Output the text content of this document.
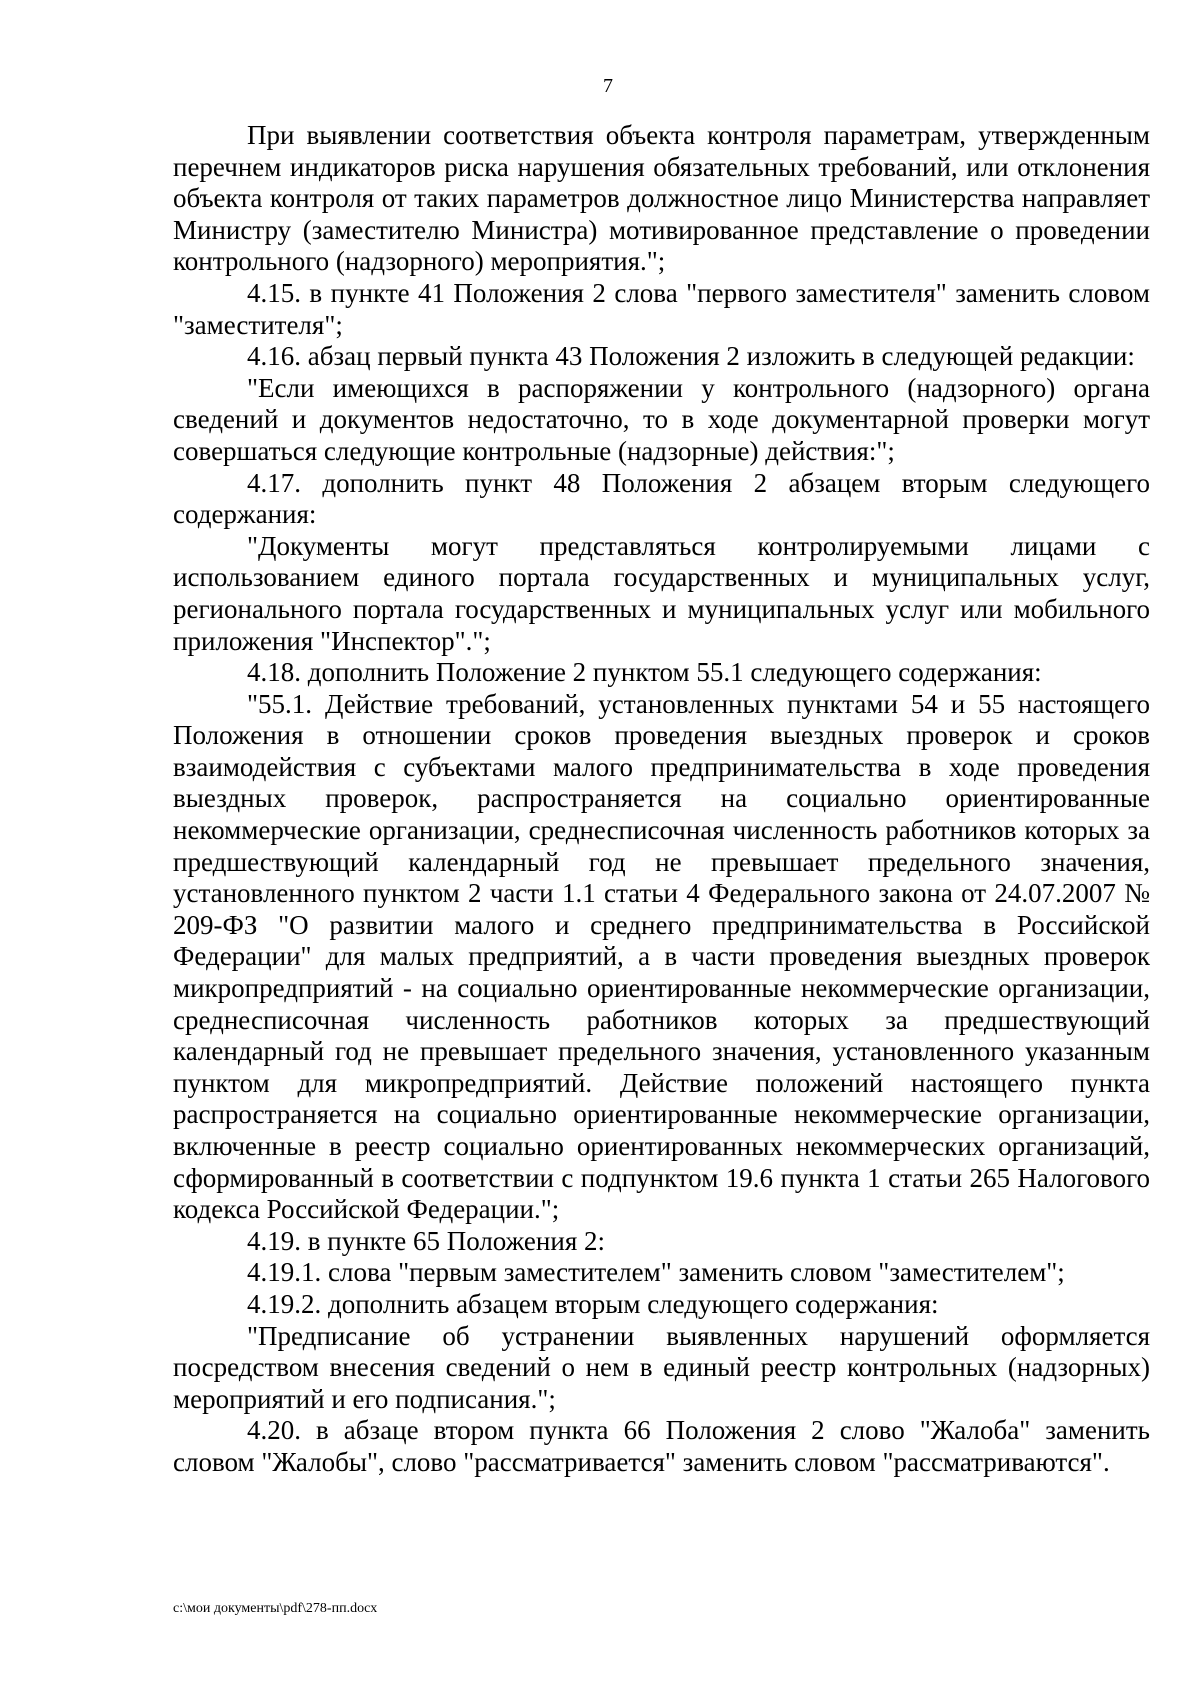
7

При выявлении соответствия объекта контроля параметрам, утвержденным перечнем индикаторов риска нарушения обязательных требований, или отклонения объекта контроля от таких параметров должностное лицо Министерства направляет Министру (заместителю Министра) мотивированное представление о проведении контрольного (надзорного) мероприятия.";

4.15. в пункте 41 Положения 2 слова "первого заместителя" заменить словом "заместителя";

4.16. абзац первый пункта 43 Положения 2 изложить в следующей редакции:

"Если имеющихся в распоряжении у контрольного (надзорного) органа сведений и документов недостаточно, то в ходе документарной проверки могут совершаться следующие контрольные (надзорные) действия:";

4.17. дополнить пункт 48 Положения 2 абзацем вторым следующего содержания:

"Документы могут представляться контролируемыми лицами с использованием единого портала государственных и муниципальных услуг, регионального портала государственных и муниципальных услуг или мобильного приложения "Инспектор".";

4.18. дополнить Положение 2 пунктом 55.1 следующего содержания:

"55.1. Действие требований, установленных пунктами 54 и 55 настоящего Положения в отношении сроков проведения выездных проверок и сроков взаимодействия с субъектами малого предпринимательства в ходе проведения выездных проверок, распространяется на социально ориентированные некоммерческие организации, среднесписочная численность работников которых за предшествующий календарный год не превышает предельного значения, установленного пунктом 2 части 1.1 статьи 4 Федерального закона от 24.07.2007 № 209-ФЗ "О развитии малого и среднего предпринимательства в Российской Федерации" для малых предприятий, а в части проведения выездных проверок микропредприятий - на социально ориентированные некоммерческие организации, среднесписочная численность работников которых за предшествующий календарный год не превышает предельного значения, установленного указанным пунктом для микропредприятий. Действие положений настоящего пункта распространяется на социально ориентированные некоммерческие организации, включенные в реестр социально ориентированных некоммерческих организаций, сформированный в соответствии с подпунктом 19.6 пункта 1 статьи 265 Налогового кодекса Российской Федерации.";

4.19. в пункте 65 Положения 2:

4.19.1. слова "первым заместителем" заменить словом "заместителем";

4.19.2. дополнить абзацем вторым следующего содержания:

"Предписание об устранении выявленных нарушений оформляется посредством внесения сведений о нем в единый реестр контрольных (надзорных) мероприятий и его подписания.";

4.20. в абзаце втором пункта 66 Положения 2 слово "Жалоба" заменить словом "Жалобы", слово "рассматривается" заменить словом "рассматриваются".

c:\мои документы\pdf\278-пп.docx
